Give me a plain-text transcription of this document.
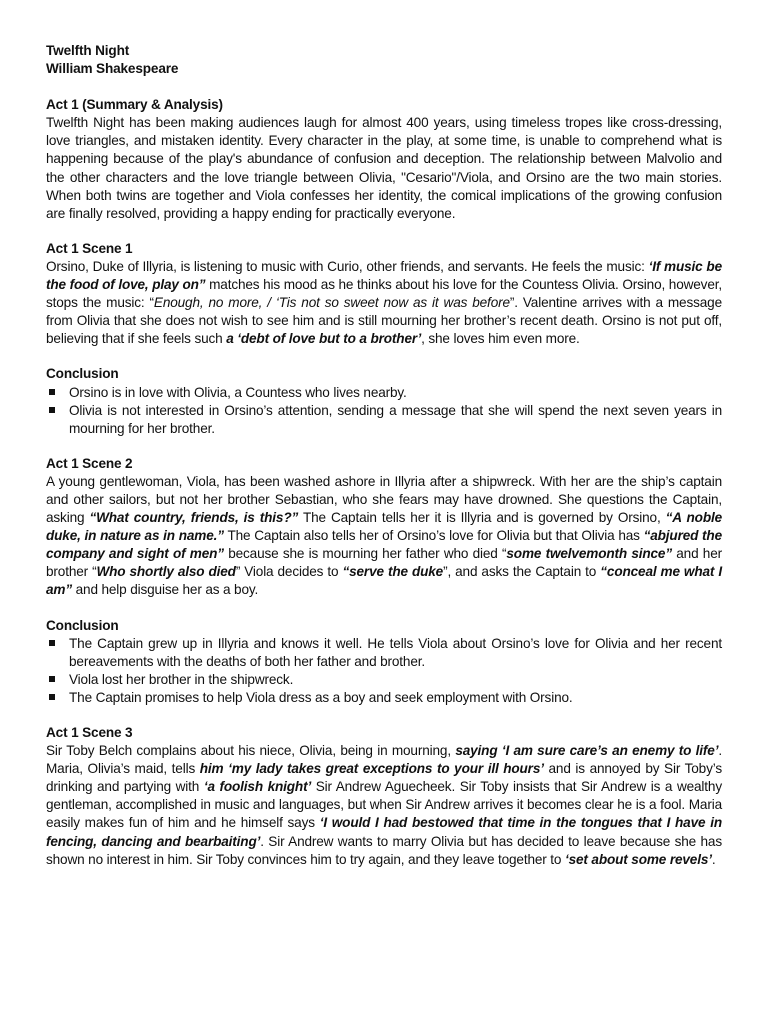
Twelfth Night
William Shakespeare
Act 1 (Summary & Analysis)

Twelfth Night has been making audiences laugh for almost 400 years, using timeless tropes like cross-dressing, love triangles, and mistaken identity. Every character in the play, at some time, is unable to comprehend what is happening because of the play's abundance of confusion and deception. The relationship between Malvolio and the other characters and the love triangle between Olivia, "Cesario"/Viola, and Orsino are the two main stories. When both twins are together and Viola confesses her identity, the comical implications of the growing confusion are finally resolved, providing a happy ending for practically everyone.

Act 1 Scene 1

Orsino, Duke of Illyria, is listening to music with Curio, other friends, and servants. He feels the music: ‘If music be the food of love, play on” matches his mood as he thinks about his love for the Countess Olivia. Orsino, however, stops the music: “Enough, no more, / ‘Tis not so sweet now as it was before”. Valentine arrives with a message from Olivia that she does not wish to see him and is still mourning her brother’s recent death. Orsino is not put off, believing that if she feels such a ‘debt of love but to a brother’, she loves him even more.

Conclusion
Orsino is in love with Olivia, a Countess who lives nearby.
Olivia is not interested in Orsino’s attention, sending a message that she will spend the next seven years in mourning for her brother.
Act 1 Scene 2

A young gentlewoman, Viola, has been washed ashore in Illyria after a shipwreck. With her are the ship’s captain and other sailors, but not her brother Sebastian, who she fears may have drowned. She questions the Captain, asking “What country, friends, is this?” The Captain tells her it is Illyria and is governed by Orsino, “A noble duke, in nature as in name.” The Captain also tells her of Orsino’s love for Olivia but that Olivia has “abjured the company and sight of men” because she is mourning her father who died “some twelvemonth since” and her brother “Who shortly also died” Viola decides to “serve the duke”, and asks the Captain to “conceal me what I am” and help disguise her as a boy.

Conclusion
The Captain grew up in Illyria and knows it well. He tells Viola about Orsino’s love for Olivia and her recent bereavements with the deaths of both her father and brother.
Viola lost her brother in the shipwreck.
The Captain promises to help Viola dress as a boy and seek employment with Orsino.
Act 1 Scene 3

Sir Toby Belch complains about his niece, Olivia, being in mourning, saying ‘I am sure care’s an enemy to life’. Maria, Olivia’s maid, tells him ‘my lady takes great exceptions to your ill hours’ and is annoyed by Sir Toby’s drinking and partying with ‘a foolish knight’ Sir Andrew Aguecheek. Sir Toby insists that Sir Andrew is a wealthy gentleman, accomplished in music and languages, but when Sir Andrew arrives it becomes clear he is a fool. Maria easily makes fun of him and he himself says ‘I would I had bestowed that time in the tongues that I have in fencing, dancing and bearbaiting’. Sir Andrew wants to marry Olivia but has decided to leave because she has shown no interest in him. Sir Toby convinces him to try again, and they leave together to ‘set about some revels’.
